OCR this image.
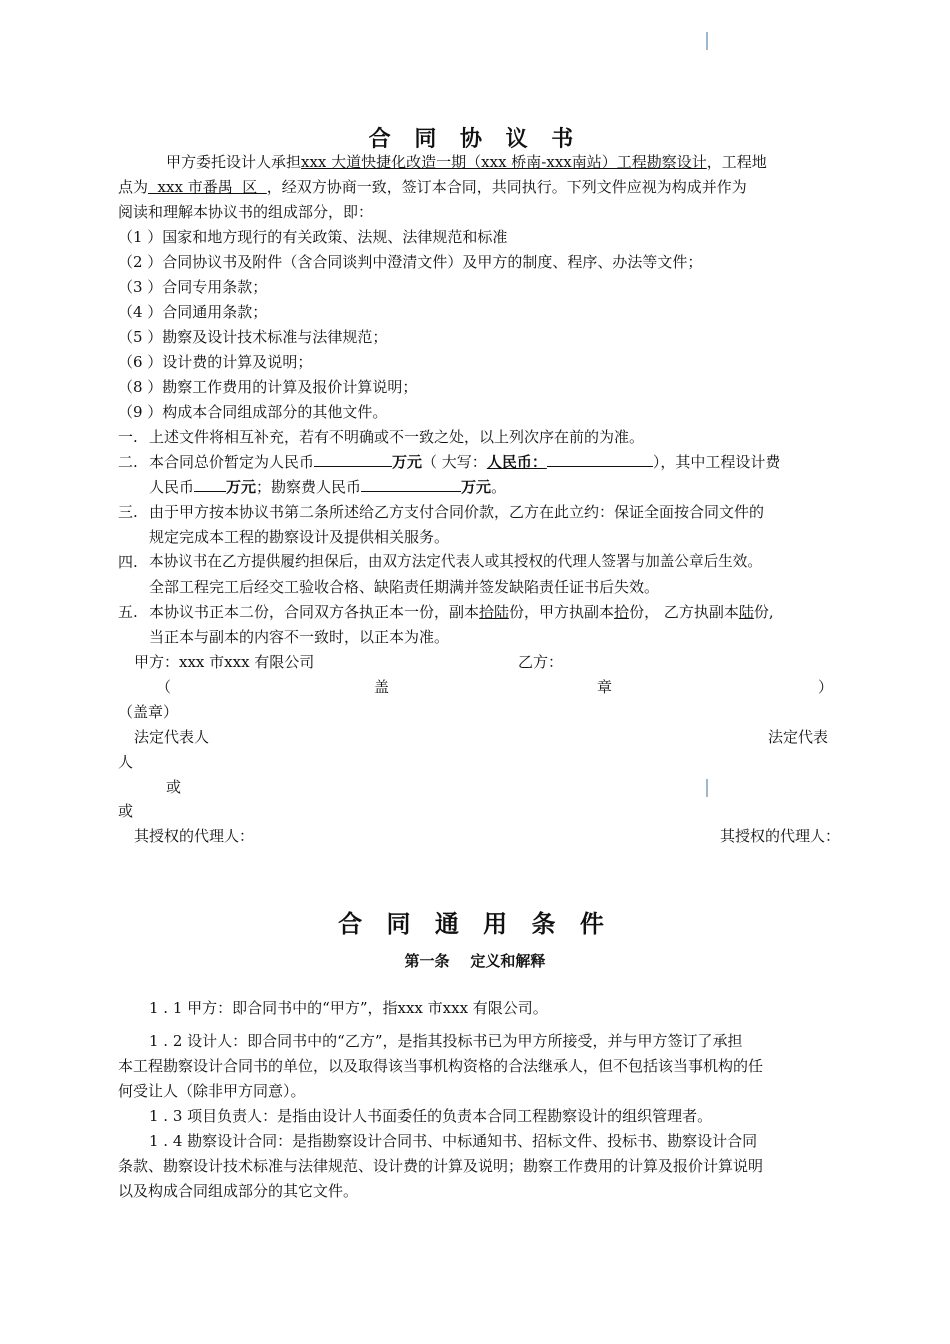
合 同 协 议 书
甲方委托设计人承担xxx 大道快捷化改造一期（xxx 桥南-xxx南站）工程勘察设计，工程地
点为  xxx 市番禺  区  ，经双方协商一致，签订本合同，共同执行。下列文件应视为构成并作为
阅读和理解本协议书的组成部分，即：
（1 ）国家和地方现行的有关政策、法规、法律规范和标准
（2 ）合同协议书及附件（含合同谈判中澄清文件）及甲方的制度、程序、办法等文件；
（3 ）合同专用条款；
（4 ）合同通用条款；
（5 ）勘察及设计技术标准与法律规范；
（6 ）设计费的计算及说明；
（8 ）勘察工作费用的计算及报价计算说明；
（9 ）构成本合同组成部分的其他文件。
一. 上述文件将相互补充，若有不明确或不一致之处，以上列次序在前的为准。
二. 本合同总价暂定为人民币	万元（ 大写：人民币：	），其中工程设计费
人民币 万元；勘察费人民币	万元。
三. 由于甲方按本协议书第二条所述给乙方支付合同价款，乙方在此立约：保证全面按合同文件的
规定完成本工程的勘察设计及提供相关服务。
四. 本协议书在乙方提供履约担保后，由双方法定代表人或其授权的代理人签署与加盖公章后生效。
全部工程完工后经交工验收合格、缺陷责任期满并签发缺陷责任证书后失效。
五. 本协议书正本二份，合同双方各执正本一份，副本拾陆份，甲方执副本拾份， 乙方执副本陆份,
当正本与副本的内容不一致时，以正本为准。
甲方：xxx 市xxx 有限公司	乙方：
（	盖	章	）
（盖章）
法定代表人	法定代表
人
或
或
其授权的代理人：	其授权的代理人：
合 同 通 用 条 件
第一条    定义和解释
1 . 1 甲方：即合同书中的“甲方”，指xxx 市xxx 有限公司。
1 . 2 设计人：即合同书中的“乙方”，是指其投标书已为甲方所接受，并与甲方签订了承担
本工程勘察设计合同书的单位，以及取得该当事机构资格的合法继承人，但不包括该当事机构的任
何受让人（除非甲方同意）。
1 . 3 项目负责人：是指由设计人书面委任的负责本合同工程勘察设计的组织管理者。
1 . 4 勘察设计合同：是指勘察设计合同书、中标通知书、招标文件、投标书、勘察设计合同
条款、勘察设计技术标准与法律规范、设计费的计算及说明；勘察工作费用的计算及报价计算说明
以及构成合同组成部分的其它文件。
